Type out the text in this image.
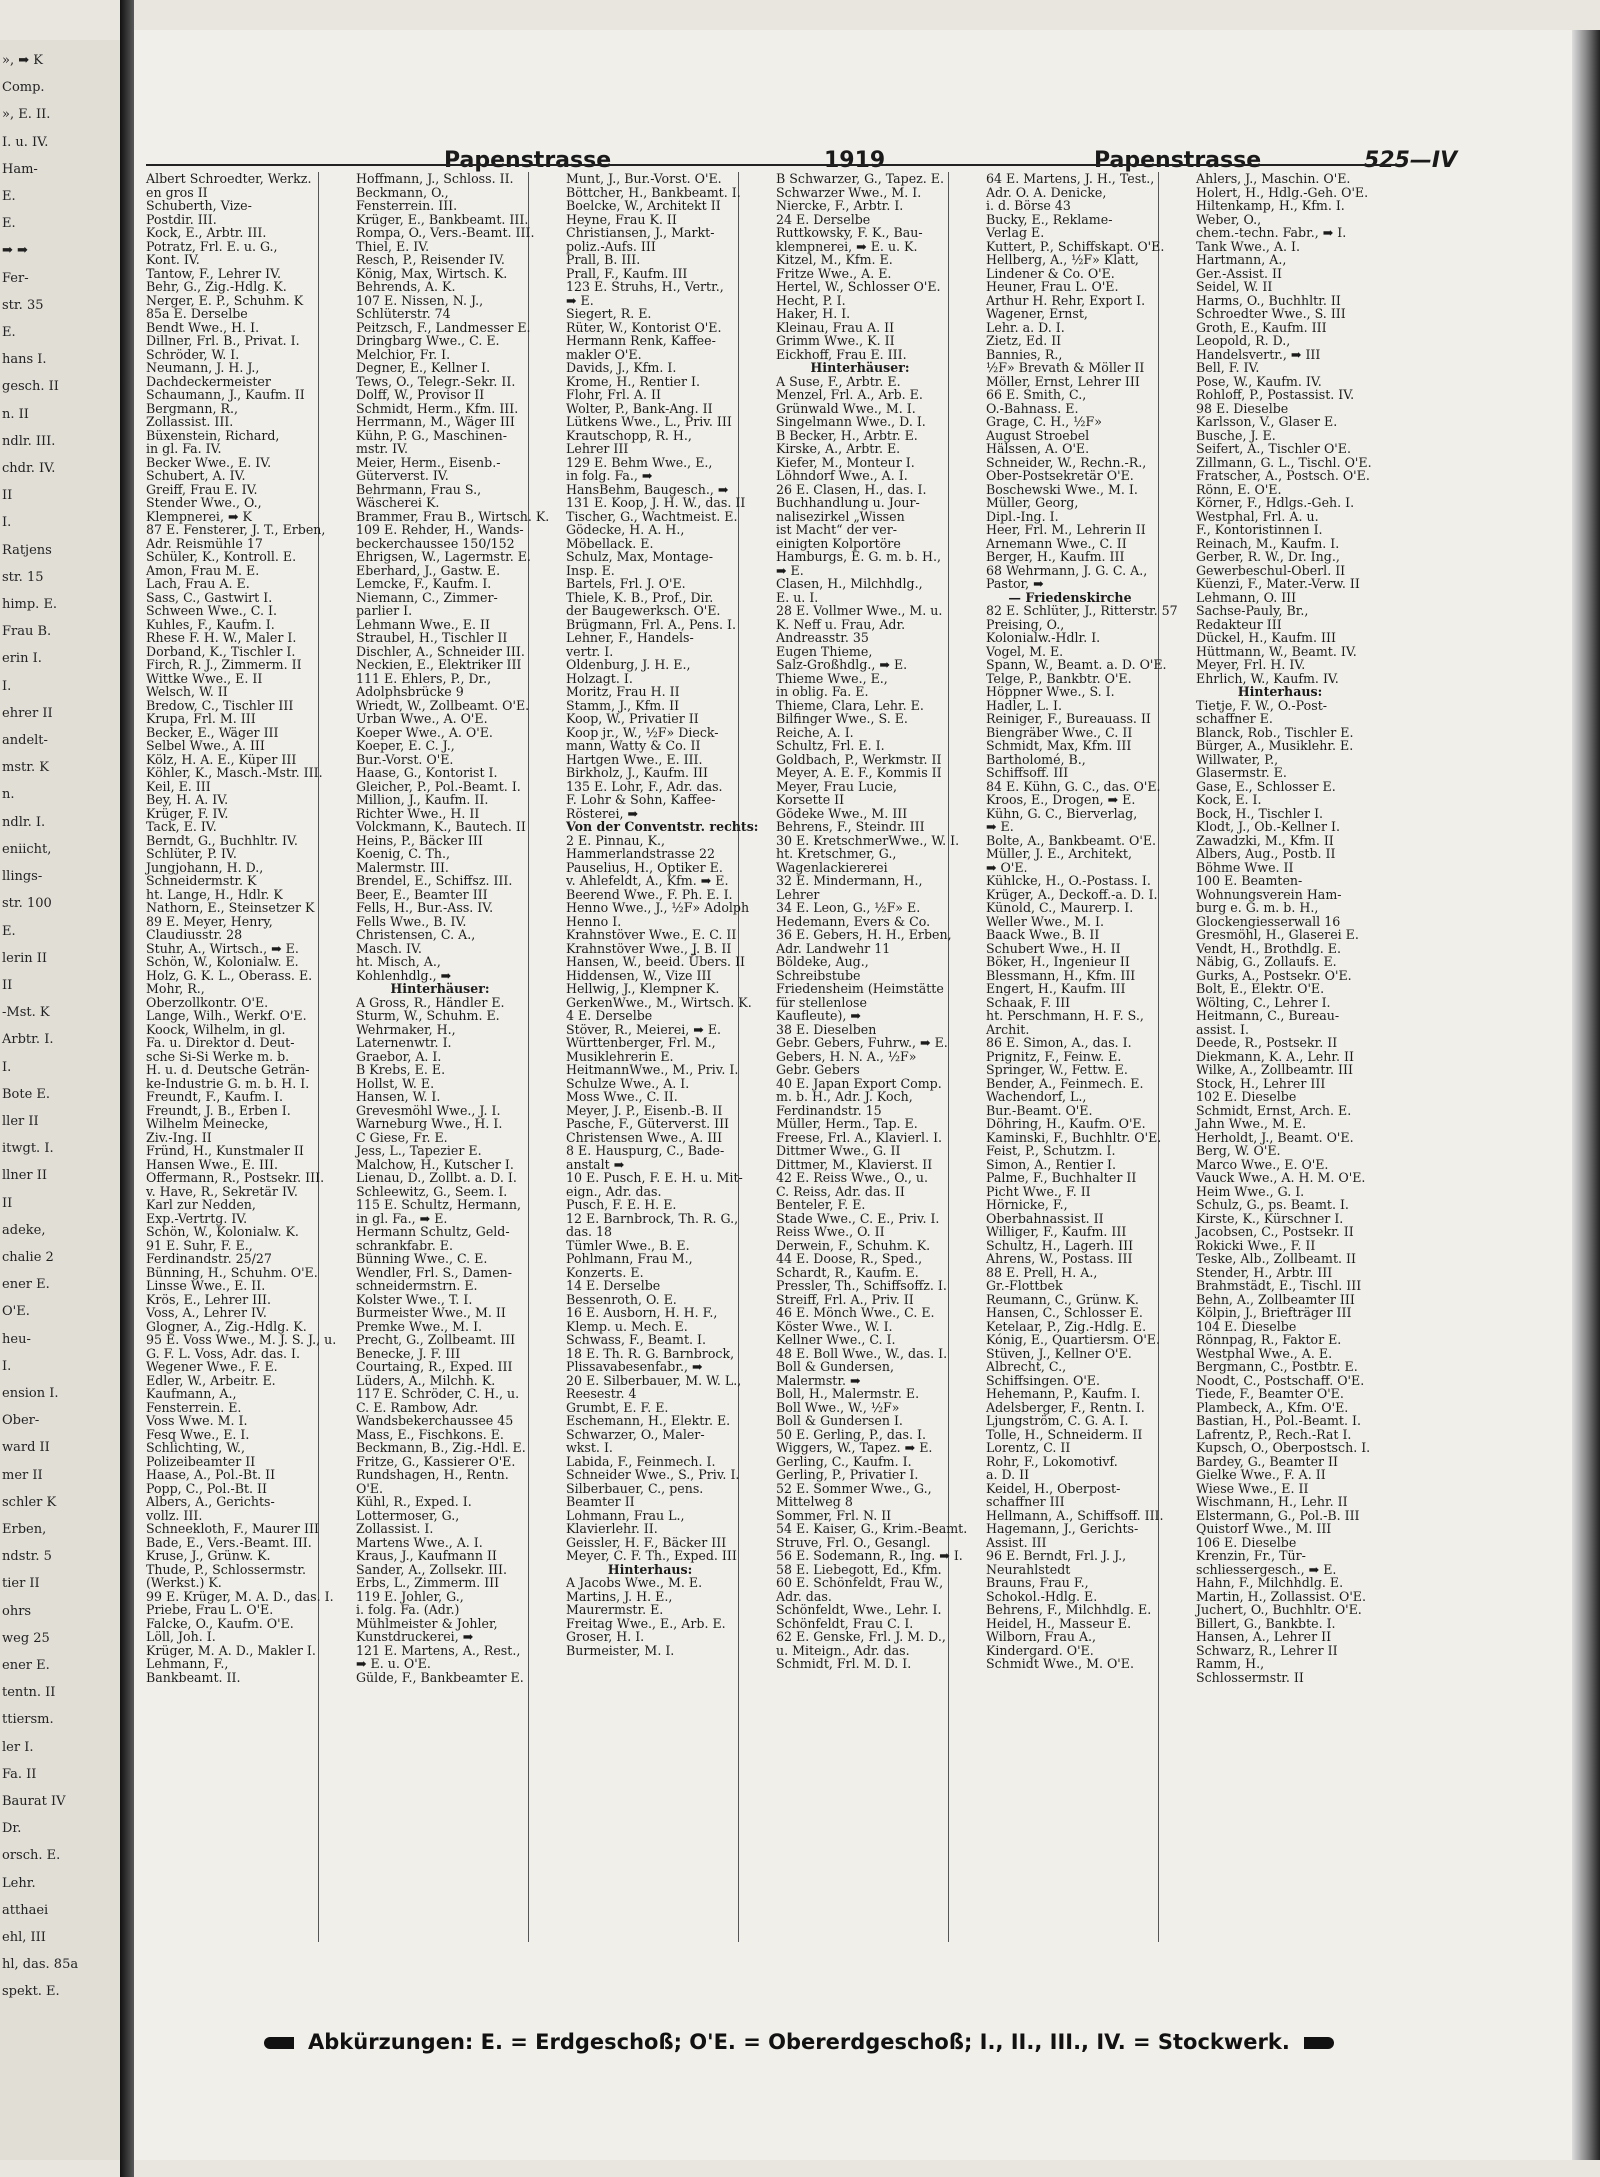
», ➡ K
Comp.
», E. II.
I. u. IV.
Ham-
E.
E.
➡ ➡
Fer-
str. 35
E.
hans I.
gesch. II
n. II
ndlr. III.
chdr. IV.
II
I.
Ratjens
str. 15
himp. E.
Frau B.
erin I.
I.
ehrer II
andelt-
mstr. K
n.
ndlr. I.
eniicht,
llings-
str. 100
E.
lerin II
II
-Mst. K
Arbtr. I.
I.
Bote E.
ller II
itwgt. I.
llner II
II
adeke,
chalie 2
ener E.
O'E.
heu-
I.
ension I.
Ober-
ward II
mer II
schler K
Erben,
ndstr. 5
tier II
ohrs
weg 25
ener E.
tentn. II
ttiersm.
ler I.
Fa. II
Baurat IV
Dr.
orsch. E.
Lehr.
atthaei
ehl, III
hl, das. 85a
spekt. E.
Papenstrasse	1919	Papenstrasse	525—IV
Abkürzungen: E. = Erdgeschoß; O'E. = Obererdgeschoß; I., II., III., IV. = Stockwerk.
Albert Schroedter, Werkz.
en gros II
Schuberth, Vize-
Postdir. III.
Kock, E., Arbtr. III.
Potratz, Frl. E. u. G.,
Kont. IV.
Tantow, F., Lehrer IV.
Behr, G., Zig.-Hdlg. K.
Nerger, E. P., Schuhm. K
85a E. Derselbe
Bendt Wwe., H. I.
Dillner, Frl. B., Privat. I.
Schröder, W. I.
Neumann, J. H. J.,
Dachdeckermeister
Schaumann, J., Kaufm. II
Bergmann, R.,
Zollassist. III.
Büxenstein, Richard,
in gl. Fa. IV.
Becker Wwe., E. IV.
Schubert, A. IV.
Greiff, Frau E. IV.
Stender Wwe., O.,
Klempnerei, ➡ K
87 E. Fensterer, J. T., Erben,
Adr. Reismühle 17
Schüler, K., Kontroll. E.
Amon, Frau M. E.
Lach, Frau A. E.
Sass, C., Gastwirt I.
Schween Wwe., C. I.
Kuhles, F., Kaufm. I.
Rhese F. H. W., Maler I.
Dorband, K., Tischler I.
Firch, R. J., Zimmerm. II
Wittke Wwe., E. II
Welsch, W. II
Bredow, C., Tischler III
Krupa, Frl. M. III
Becker, E., Wäger III
Selbel Wwe., A. III
Kölz, H. A. E., Küper III
Köhler, K., Masch.-Mstr. III.
Keil, E. III
Bey, H. A. IV.
Krüger, F. IV.
Tack, E. IV.
Berndt, G., Buchhltr. IV.
Schlüter, P. IV.
Jungjohann, H. D.,
Schneidermstr. K
ht. Lange, H., Hdlr. K
Nathorn, E., Steinsetzer K
89 E. Meyer, Henry,
Claudiusstr. 28
Stuhr, A., Wirtsch., ➡ E.
Schön, W., Kolonialw. E.
Holz, G. K. L., Oberass. E.
Mohr, R.,
Oberzollkontr. O'E.
Lange, Wilh., Werkf. O'E.
Koock, Wilhelm, in gl.
Fa. u. Direktor d. Deut-
sche Si-Si Werke m. b.
H. u. d. Deutsche Geträn-
ke-Industrie G. m. b. H. I.
Freundt, F., Kaufm. I.
Freundt, J. B., Erben I.
Wilhelm Meinecke,
Ziv.-Ing. II
Fründ, H., Kunstmaler II
Hansen Wwe., E. III.
Offermann, R., Postsekr. III.
v. Have, R., Sekretär IV.
Karl zur Nedden,
Exp.-Vertrtg. IV.
Schön, W., Kolonialw. K.
91 E. Suhr, F. E.,
Ferdinandstr. 25/27
Bünning, H., Schuhm. O'E.
Linsse Wwe., E. II.
Krös, E., Lehrer III.
Voss, A., Lehrer IV.
Glogner, A., Zig.-Hdlg. K.
95 E. Voss Wwe., M. J. S. J., u.
G. F. L. Voss, Adr. das. I.
Wegener Wwe., F. E.
Edler, W., Arbeitr. E.
Kaufmann, A.,
Fensterrein. E.
Voss Wwe. M. I.
Fesq Wwe., E. I.
Schlichting, W.,
Polizeibeamter II
Haase, A., Pol.-Bt. II
Popp, C., Pol.-Bt. II
Albers, A., Gerichts-
vollz. III.
Schneekloth, F., Maurer III
Bade, E., Vers.-Beamt. III.
Kruse, J., Grünw. K.
Thude, P., Schlossermstr.
(Werkst.) K.
99 E. Krüger, M. A. D., das. I.
Priebe, Frau L. O'E.
Falcke, O., Kaufm. O'E.
Löll, Joh. I.
Krüger, M. A. D., Makler I.
Lehmann, F.,
Bankbeamt. II.
Hoffmann, J., Schloss. II.
Beckmann, O.,
Fensterrein. III.
Krüger, E., Bankbeamt. III.
Rompa, O., Vers.-Beamt. III.
Thiel, E. IV.
Resch, P., Reisender IV.
König, Max, Wirtsch. K.
Behrends, A. K.
107 E. Nissen, N. J.,
Schlüterstr. 74
Peitzsch, F., Landmesser E.
Dringbarg Wwe., C. E.
Melchior, Fr. I.
Degner, E., Kellner I.
Tews, O., Telegr.-Sekr. II.
Dolff, W., Provisor II
Schmidt, Herm., Kfm. III.
Herrmann, M., Wäger III
Kühn, P. G., Maschinen-
mstr. IV.
Meier, Herm., Eisenb.-
Güterverst. IV.
Behrmann, Frau S.,
Wäscherei K.
Brammer, Frau B., Wirtsch. K.
109 E. Rehder, H., Wands-
beckerchaussee 150/152
Ehrigsen, W., Lagermstr. E.
Eberhard, J., Gastw. E.
Lemcke, F., Kaufm. I.
Niemann, C., Zimmer-
parlier I.
Lehmann Wwe., E. II
Straubel, H., Tischler II
Dischler, A., Schneider III.
Neckien, E., Elektriker III
111 E. Ehlers, P., Dr.,
Adolphsbrücke 9
Wriedt, W., Zollbeamt. O'E.
Urban Wwe., A. O'E.
Koeper Wwe., A. O'E.
Koeper, E. C. J.,
Bur.-Vorst. O'E.
Haase, G., Kontorist I.
Gleicher, P., Pol.-Beamt. I.
Million, J., Kaufm. II.
Richter Wwe., H. II
Volckmann, K., Bautech. II
Heins, P., Bäcker III
Koenig, C. Th.,
Malermstr. III.
Brendel, E., Schiffsz. III.
Beer, E., Beamter III
Fells, H., Bur.-Ass. IV.
Fells Wwe., B. IV.
Christensen, C. A.,
Masch. IV.
ht. Misch, A.,
Kohlenhdlg., ➡
Hinterhäuser:
A Gross, R., Händler E.
Sturm, W., Schuhm. E.
Wehrmaker, H.,
Laternenwtr. I.
Graebor, A. I.
B Krebs, E. E.
Hollst, W. E.
Hansen, W. I.
Grevesmöhl Wwe., J. I.
Warneburg Wwe., H. I.
C Giese, Fr. E.
Jess, L., Tapezier E.
Malchow, H., Kutscher I.
Lienau, D., Zollbt. a. D. I.
Schleewitz, G., Seem. I.
115 E. Schultz, Hermann,
in gl. Fa., ➡ E.
Hermann Schultz, Geld-
schrankfabr. E.
Bünning Wwe., C. E.
Wendler, Frl. S., Damen-
schneidermstrn. E.
Kolster Wwe., T. I.
Burmeister Wwe., M. II
Premke Wwe., M. I.
Precht, G., Zollbeamt. III
Benecke, J. F. III
Courtaing, R., Exped. III
Lüders, A., Milchh. K.
117 E. Schröder, C. H., u.
C. E. Rambow, Adr.
Wandsbekerchaussee 45
Mass, E., Fischkons. E.
Beckmann, B., Zig.-Hdl. E.
Fritze, G., Kassierer O'E.
Rundshagen, H., Rentn.
O'E.
Kühl, R., Exped. I.
Lottermoser, G.,
Zollassist. I.
Martens Wwe., A. I.
Kraus, J., Kaufmann II
Sander, A., Zollsekr. III.
Erbs, L., Zimmerm. III
119 E. Johler, G.,
i. folg. Fa. (Adr.)
Mühlmeister & Johler,
Kunstdruckerei, ➡
121 E. Martens, A., Rest.,
➡ E. u. O'E.
Gülde, F., Bankbeamter E.
Munt, J., Bur.-Vorst. O'E.
Böttcher, H., Bankbeamt. I.
Boelcke, W., Architekt II
Heyne, Frau K. II
Christiansen, J., Markt-
poliz.-Aufs. III
Prall, B. III.
Prall, F., Kaufm. III
123 E. Struhs, H., Vertr.,
➡ E.
Siegert, R. E.
Rüter, W., Kontorist O'E.
Hermann Renk, Kaffee-
makler O'E.
Davids, J., Kfm. I.
Krome, H., Rentier I.
Flohr, Frl. A. II
Wolter, P., Bank-Ang. II
Lütkens Wwe., L., Priv. III
Krautschopp, R. H.,
Lehrer III
129 E. Behm Wwe., E.,
in folg. Fa., ➡
HansBehm, Baugesch., ➡
131 E. Koop, J. H. W., das. II
Tischer, G., Wachtmeist. E.
Gödecke, H. A. H.,
Möbellack. E.
Schulz, Max, Montage-
Insp. E.
Bartels, Frl. J. O'E.
Thiele, K. B., Prof., Dir.
der Baugewerksch. O'E.
Brügmann, Frl. A., Pens. I.
Lehner, F., Handels-
vertr. I.
Oldenburg, J. H. E.,
Holzagt. I.
Moritz, Frau H. II
Stamm, J., Kfm. II
Koop, W., Privatier II
Koop jr., W., ½F» Dieck-
mann, Watty & Co. II
Hartgen Wwe., E. III.
Birkholz, J., Kaufm. III
135 E. Lohr, F., Adr. das.
F. Lohr & Sohn, Kaffee-
Rösterei, ➡
Von der Conventstr. rechts:
2 E. Pinnau, K.,
Hammerlandstrasse 22
Pauselius, H., Optiker E.
v. Ahlefeldt, A., Kfm. ➡ E.
Beerend Wwe., F. Ph. E. I.
Henno Wwe., J., ½F» Adolph
Henno I.
Krahnstöver Wwe., E. C. II
Krahnstöver Wwe., J. B. II
Hansen, W., beeid. Übers. II
Hiddensen, W., Vize III
Hellwig, J., Klempner K.
GerkenWwe., M., Wirtsch. K.
4 E. Derselbe
Stöver, R., Meierei, ➡ E.
Württenberger, Frl. M.,
Musiklehrerin E.
HeitmannWwe., M., Priv. I.
Schulze Wwe., A. I.
Moss Wwe., C. II.
Meyer, J. P., Eisenb.-B. II
Pasche, F., Güterverst. III
Christensen Wwe., A. III
8 E. Hauspurg, C., Bade-
anstalt ➡
10 E. Pusch, F. E. H. u. Mit-
eign., Adr. das.
Pusch, F. E. H. E.
12 E. Barnbrock, Th. R. G.,
das. 18
Tümler Wwe., B. E.
Pohlmann, Frau M.,
Konzerts. E.
14 E. Derselbe
Bessenroth, O. E.
16 E. Ausborn, H. H. F.,
Klemp. u. Mech. E.
Schwass, F., Beamt. I.
18 E. Th. R. G. Barnbrock,
Plissavabesenfabr., ➡
20 E. Silberbauer, M. W. L.,
Reesestr. 4
Grumbt, E. F. E.
Eschemann, H., Elektr. E.
Schwarzer, O., Maler-
wkst. I.
Labida, F., Feinmech. I.
Schneider Wwe., S., Priv. I.
Silberbauer, C., pens.
Beamter II
Lohmann, Frau L.,
Klavierlehr. II.
Geissler, H. F., Bäcker III
Meyer, C. F. Th., Exped. III
Hinterhaus:
A Jacobs Wwe., M. E.
Martins, J. H. E.,
Maurermstr. E.
Freitag Wwe., E., Arb. E.
Groser, H. I.
Burmeister, M. I.
B Schwarzer, G., Tapez. E.
Schwarzer Wwe., M. I.
Niercke, F., Arbtr. I.
24 E. Derselbe
Ruttkowsky, F. K., Bau-
klempnerei, ➡ E. u. K.
Kitzel, M., Kfm. E.
Fritze Wwe., A. E.
Hertel, W., Schlosser O'E.
Hecht, P. I.
Haker, H. I.
Kleinau, Frau A. II
Grimm Wwe., K. II
Eickhoff, Frau E. III.
Hinterhäuser:
A Suse, F., Arbtr. E.
Menzel, Frl. A., Arb. E.
Grünwald Wwe., M. I.
Singelmann Wwe., D. I.
B Becker, H., Arbtr. E.
Kirske, A., Arbtr. E.
Kiefer, M., Monteur I.
Löhndorf Wwe., A. I.
26 E. Clasen, H., das. I.
Buchhandlung u. Jour-
nalisezirkel „Wissen
ist Macht“ der ver-
einigten Kolportöre
Hamburgs, E. G. m. b. H.,
➡ E.
Clasen, H., Milchhdlg.,
E. u. I.
28 E. Vollmer Wwe., M. u.
K. Neff u. Frau, Adr.
Andreasstr. 35
Eugen Thieme,
Salz-Großhdlg., ➡ E.
Thieme Wwe., E.,
in oblig. Fa. E.
Thieme, Clara, Lehr. E.
Bilfinger Wwe., S. E.
Reiche, A. I.
Schultz, Frl. E. I.
Goldbach, P., Werkmstr. II
Meyer, A. E. F., Kommis II
Meyer, Frau Lucie,
Korsette II
Gödeke Wwe., M. III
Behrens, F., Steindr. III
30 E. KretschmerWwe., W. I.
ht. Kretschmer, G.,
Wagenlackiererei
32 E. Mindermann, H.,
Lehrer
34 E. Leon, G., ½F» E.
Hedemann, Evers & Co.
36 E. Gebers, H. H., Erben,
Adr. Landwehr 11
Böldeke, Aug.,
Schreibstube
Friedensheim (Heimstätte
für stellenlose
Kaufleute), ➡
38 E. Dieselben
Gebr. Gebers, Fuhrw., ➡ E.
Gebers, H. N. A., ½F»
Gebr. Gebers
40 E. Japan Export Comp.
m. b. H., Adr. J. Koch,
Ferdinandstr. 15
Müller, Herm., Tap. E.
Freese, Frl. A., Klavierl. I.
Dittmer Wwe., G. II
Dittmer, M., Klavierst. II
42 E. Reiss Wwe., O., u.
C. Reiss, Adr. das. II
Benteler, F. E.
Stade Wwe., C. E., Priv. I.
Reiss Wwe., O. II
Derwein, F., Schuhm. K.
44 E. Doose, R., Sped.,
Schardt, R., Kaufm. E.
Pressler, Th., Schiffsoffz. I.
Streiff, Frl. A., Priv. II
46 E. Mönch Wwe., C. E.
Köster Wwe., W. I.
Kellner Wwe., C. I.
48 E. Boll Wwe., W., das. I.
Boll & Gundersen,
Malermstr. ➡
Boll, H., Malermstr. E.
Boll Wwe., W., ½F»
Boll & Gundersen I.
50 E. Gerling, P., das. I.
Wiggers, W., Tapez. ➡ E.
Gerling, C., Kaufm. I.
Gerling, P., Privatier I.
52 E. Sommer Wwe., G.,
Mittelweg 8
Sommer, Frl. N. II
54 E. Kaiser, G., Krim.-Beamt.
Struve, Frl. O., Gesangl.
56 E. Sodemann, R., Ing. ➡ I.
58 E. Liebegott, Ed., Kfm.
60 E. Schönfeldt, Frau W.,
Adr. das.
Schönfeldt, Wwe., Lehr. I.
Schönfeldt, Frau C. I.
62 E. Genske, Frl. J. M. D.,
u. Miteign., Adr. das.
Schmidt, Frl. M. D. I.
64 E. Martens, J. H., Test.,
Adr. O. A. Denicke,
i. d. Börse 43
Bucky, E., Reklame-
Verlag E.
Kuttert, P., Schiffskapt. O'E.
Hellberg, A., ½F» Klatt,
Lindener & Co. O'E.
Heuner, Frau L. O'E.
Arthur H. Rehr, Export I.
Wagener, Ernst,
Lehr. a. D. I.
Zietz, Ed. II
Bannies, R.,
½F» Brevath & Möller II
Möller, Ernst, Lehrer III
66 E. Smith, C.,
O.-Bahnass. E.
Grage, C. H., ½F»
August Stroebel
Hälssen, A. O'E.
Schneider, W., Rechn.-R.,
Ober-Postsekretär O'E.
Boschewski Wwe., M. I.
Müller, Georg,
Dipl.-Ing. I.
Heer, Frl. M., Lehrerin II
Arnemann Wwe., C. II
Berger, H., Kaufm. III
68 Wehrmann, J. G. C. A.,
Pastor, ➡
— Friedenskirche
82 E. Schlüter, J., Ritterstr. 57
Preising, O.,
Kolonialw.-Hdlr. I.
Vogel, M. E.
Spann, W., Beamt. a. D. O'E.
Telge, P., Bankbtr. O'E.
Höppner Wwe., S. I.
Hadler, L. I.
Reiniger, F., Bureauass. II
Biengräber Wwe., C. II
Schmidt, Max, Kfm. III
Bartholomé, B.,
Schiffsoff. III
84 E. Kühn, G. C., das. O'E.
Kroos, E., Drogen, ➡ E.
Kühn, G. C., Bierverlag,
➡ E.
Bolte, A., Bankbeamt. O'E.
Müller, J. E., Architekt,
➡ O'E.
Kühlcke, H., O.-Postass. I.
Krüger, A., Deckoff.-a. D. I.
Künold, C., Maurerp. I.
Weller Wwe., M. I.
Baack Wwe., B. II
Schubert Wwe., H. II
Böker, H., Ingenieur II
Blessmann, H., Kfm. III
Engert, H., Kaufm. III
Schaak, F. III
ht. Perschmann, H. F. S.,
Archit.
86 E. Simon, A., das. I.
Prignitz, F., Feinw. E.
Springer, W., Fettw. E.
Bender, A., Feinmech. E.
Wachendorf, L.,
Bur.-Beamt. O'E.
Döhring, H., Kaufm. O'E.
Kaminski, F., Buchhltr. O'E.
Feist, P., Schutzm. I.
Simon, A., Rentier I.
Palme, F., Buchhalter II
Picht Wwe., F. II
Hörnicke, F.,
Oberbahnassist. II
Williger, F., Kaufm. III
Schultz, H., Lagerh. III
Ahrens, W., Postass. III
88 E. Prell, H. A.,
Gr.-Flottbek
Reumann, C., Grünw. K.
Hansen, C., Schlosser E.
Ketelaar, P., Zig.-Hdlg. E.
Kónig, E., Quartiersm. O'E.
Stüven, J., Kellner O'E.
Albrecht, C.,
Schiffsingen. O'E.
Hehemann, P., Kaufm. I.
Adelsberger, F., Rentn. I.
Ljungström, C. G. A. I.
Tolle, H., Schneiderm. II
Lorentz, C. II
Rohr, F., Lokomotivf.
a. D. II
Keidel, H., Oberpost-
schaffner III
Hellmann, A., Schiffsoff. III.
Hagemann, J., Gerichts-
Assist. III
96 E. Berndt, Frl. J. J.,
Neurahlstedt
Brauns, Frau F.,
Schokol.-Hdlg. E.
Behrens, F., Milchhdlg. E.
Heidel, H., Masseur E.
Wilborn, Frau A.,
Kindergard. O'E.
Schmidt Wwe., M. O'E.
Ahlers, J., Maschin. O'E.
Holert, H., Hdlg.-Geh. O'E.
Hiltenkamp, H., Kfm. I.
Weber, O.,
chem.-techn. Fabr., ➡ I.
Tank Wwe., A. I.
Hartmann, A.,
Ger.-Assist. II
Seidel, W. II
Harms, O., Buchhltr. II
Schroedter Wwe., S. III
Groth, E., Kaufm. III
Leopold, R. D.,
Handelsvertr., ➡ III
Bell, F. IV.
Pose, W., Kaufm. IV.
Rohloff, P., Postassist. IV.
98 E. Dieselbe
Karlsson, V., Glaser E.
Busche, J. E.
Seifert, A., Tischler O'E.
Zillmann, G. L., Tischl. O'E.
Fratscher, A., Postsch. O'E.
Rönn, E. O'E.
Körner, F., Hdlgs.-Geh. I.
Westphal, Frl. A. u.
F., Kontoristinnen I.
Reinach, M., Kaufm. I.
Gerber, R. W., Dr. Ing.,
Gewerbeschul-Oberl. II
Küenzi, F., Mater.-Verw. II
Lehmann, O. III
Sachse-Pauly, Br.,
Redakteur III
Dückel, H., Kaufm. III
Hüttmann, W., Beamt. IV.
Meyer, Frl. H. IV.
Ehrlich, W., Kaufm. IV.
Hinterhaus:
Tietje, F. W., O.-Post-
schaffner E.
Blanck, Rob., Tischler E.
Bürger, A., Musiklehr. E.
Willwater, P.,
Glasermstr. E.
Gase, E., Schlosser E.
Kock, E. I.
Bock, H., Tischler I.
Klodt, J., Ob.-Kellner I.
Zawadzki, M., Kfm. II
Albers, Aug., Postb. II
Böhme Wwe. II
100 E. Beamten-
Wohnungsverein Ham-
burg e. G. m. b. H.,
Glockengiesserwall 16
Gresmöhl, H., Glaserei E.
Vendt, H., Brothdlg. E.
Näbig, G., Zollaufs. E.
Gurks, A., Postsekr. O'E.
Bolt, E., Elektr. O'E.
Wölting, C., Lehrer I.
Heitmann, C., Bureau-
assist. I.
Deede, R., Postsekr. II
Diekmann, K. A., Lehr. II
Wilke, A., Zollbeamtr. III
Stock, H., Lehrer III
102 E. Dieselbe
Schmidt, Ernst, Arch. E.
Jahn Wwe., M. E.
Herholdt, J., Beamt. O'E.
Berg, W. O'E.
Marco Wwe., E. O'E.
Vauck Wwe., A. H. M. O'E.
Heim Wwe., G. I.
Schulz, G., ps. Beamt. I.
Kirste, K., Kürschner I.
Jacobsen, C., Postsekr. II
Rokicki Wwe., F. II
Teske, Alb., Zollbeamt. II
Stender, H., Arbtr. III
Brahmstädt, E., Tischl. III
Behn, A., Zollbeamter III
Kölpin, J., Briefträger III
104 E. Dieselbe
Rönnpag, R., Faktor E.
Westphal Wwe., A. E.
Bergmann, C., Postbtr. E.
Noodt, C., Postschaff. O'E.
Tiede, F., Beamter O'E.
Plambeck, A., Kfm. O'E.
Bastian, H., Pol.-Beamt. I.
Lafrentz, P., Rech.-Rat I.
Kupsch, O., Oberpostsch. I.
Bardey, G., Beamter II
Gielke Wwe., F. A. II
Wiese Wwe., E. II
Wischmann, H., Lehr. II
Elstermann, G., Pol.-B. III
Quistorf Wwe., M. III
106 E. Dieselbe
Krenzin, Fr., Tür-
schliessergesch., ➡ E.
Hahn, F., Milchhdlg. E.
Martin, H., Zollassist. O'E.
Juchert, O., Buchhltr. O'E.
Billert, G., Bankbte. I.
Hansen, A., Lehrer II
Schwarz, R., Lehrer II
Ramm, H.,
Schlossermstr. II
